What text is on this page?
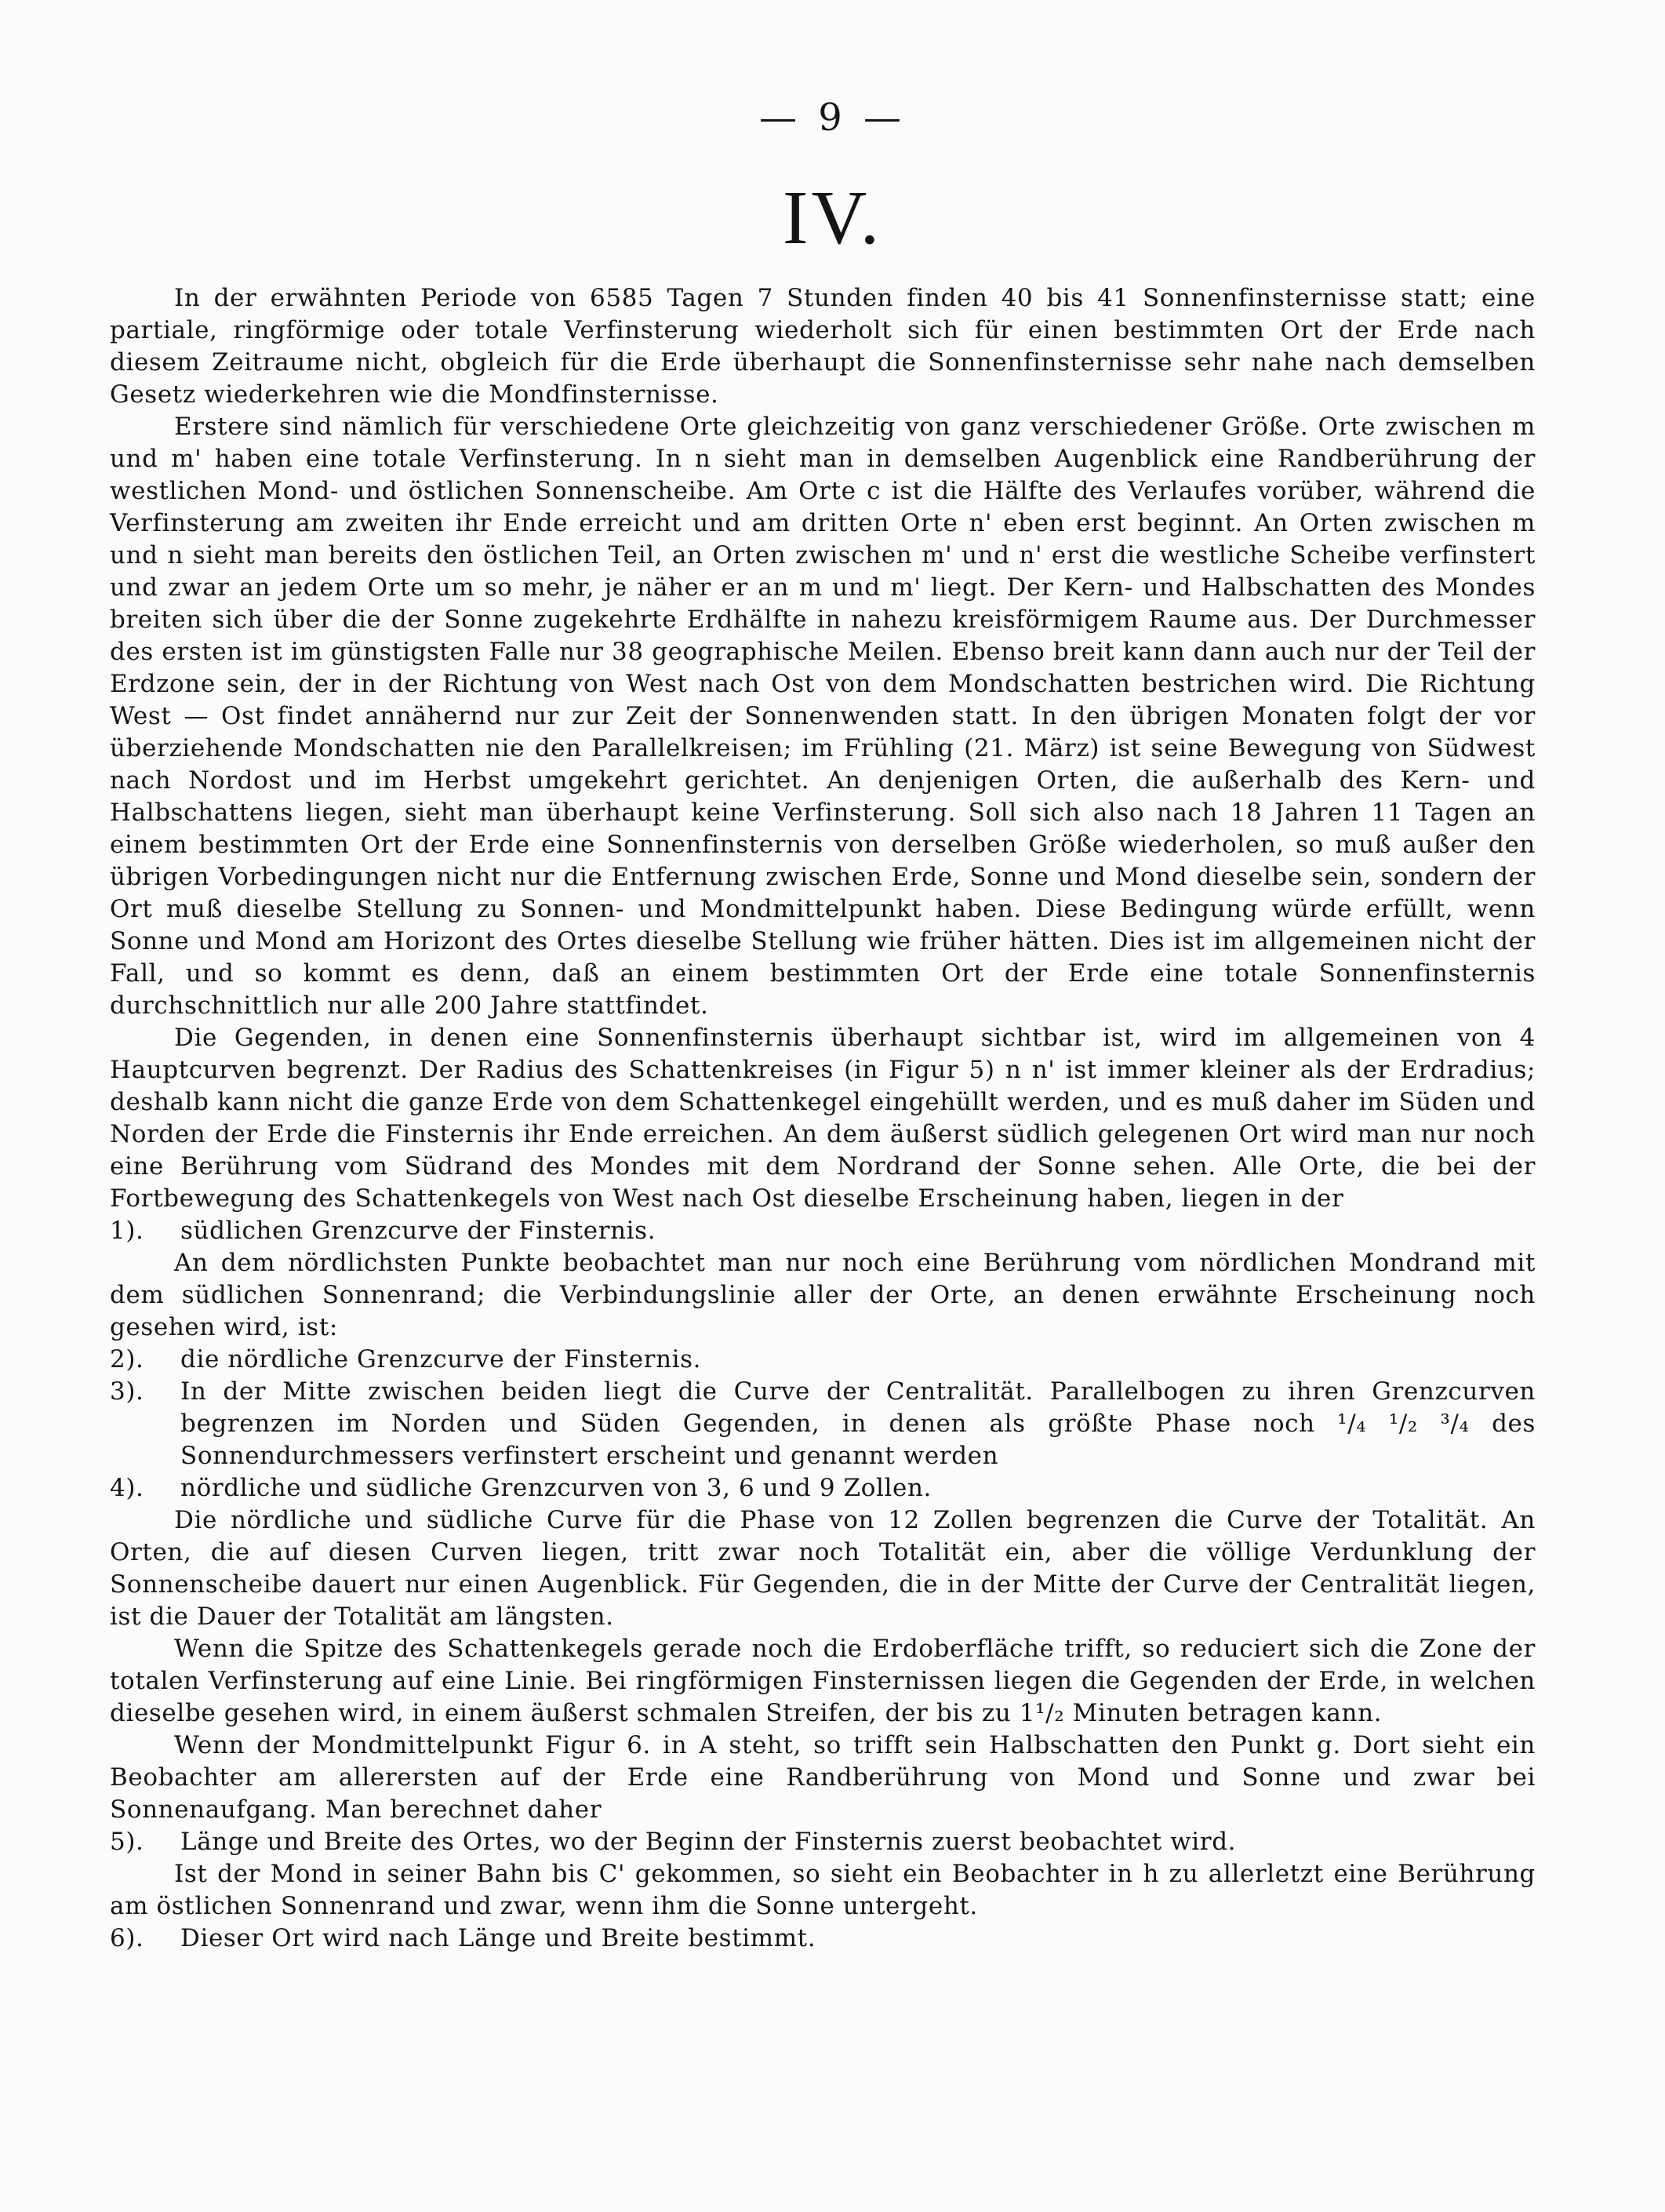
— 9 —
IV.

In der erwähnten Periode von 6585 Tagen 7 Stunden finden 40 bis 41 Sonnenfinsternisse statt; eine partiale, ringförmige oder totale Verfinsterung wiederholt sich für einen bestimmten Ort der Erde nach diesem Zeitraume nicht, obgleich für die Erde überhaupt die Sonnenfinsternisse sehr nahe nach demselben Gesetz wiederkehren wie die Mondfinsternisse.

Erstere sind nämlich für verschiedene Orte gleichzeitig von ganz verschiedener Größe. Orte zwischen m und m' haben eine totale Verfinsterung. In n sieht man in demselben Augenblick eine Randberührung der westlichen Mond- und östlichen Sonnenscheibe. Am Orte c ist die Hälfte des Verlaufes vorüber, während die Verfinsterung am zweiten ihr Ende erreicht und am dritten Orte n' eben erst beginnt. An Orten zwischen m und n sieht man bereits den östlichen Teil, an Orten zwischen m' und n' erst die westliche Scheibe verfinstert und zwar an jedem Orte um so mehr, je näher er an m und m' liegt. Der Kern- und Halbschatten des Mondes breiten sich über die der Sonne zugekehrte Erdhälfte in nahezu kreisförmigem Raume aus. Der Durchmesser des ersten ist im günstigsten Falle nur 38 geographische Meilen. Ebenso breit kann dann auch nur der Teil der Erdzone sein, der in der Richtung von West nach Ost von dem Mondschatten bestrichen wird. Die Richtung West — Ost findet annähernd nur zur Zeit der Sonnenwenden statt. In den übrigen Monaten folgt der vor überziehende Mondschatten nie den Parallelkreisen; im Frühling (21. März) ist seine Bewegung von Südwest nach Nordost und im Herbst umgekehrt gerichtet. An denjenigen Orten, die außerhalb des Kern- und Halbschattens liegen, sieht man überhaupt keine Verfinsterung. Soll sich also nach 18 Jahren 11 Tagen an einem bestimmten Ort der Erde eine Sonnenfinsternis von derselben Größe wiederholen, so muß außer den übrigen Vorbedingungen nicht nur die Entfernung zwischen Erde, Sonne und Mond dieselbe sein, sondern der Ort muß dieselbe Stellung zu Sonnen- und Mondmittelpunkt haben. Diese Bedingung würde erfüllt, wenn Sonne und Mond am Horizont des Ortes dieselbe Stellung wie früher hätten. Dies ist im allgemeinen nicht der Fall, und so kommt es denn, daß an einem bestimmten Ort der Erde eine totale Sonnenfinsternis durchschnittlich nur alle 200 Jahre stattfindet.

Die Gegenden, in denen eine Sonnenfinsternis überhaupt sichtbar ist, wird im allgemeinen von 4 Hauptcurven begrenzt. Der Radius des Schattenkreises (in Figur 5) n n' ist immer kleiner als der Erdradius; deshalb kann nicht die ganze Erde von dem Schattenkegel eingehüllt werden, und es muß daher im Süden und Norden der Erde die Finsternis ihr Ende erreichen. An dem äußerst südlich gelegenen Ort wird man nur noch eine Berührung vom Südrand des Mondes mit dem Nordrand der Sonne sehen. Alle Orte, die bei der Fortbewegung des Schattenkegels von West nach Ost dieselbe Erscheinung haben, liegen in der

1).	südlichen Grenzcurve der Finsternis.

An dem nördlichsten Punkte beobachtet man nur noch eine Berührung vom nördlichen Mondrand mit dem südlichen Sonnenrand; die Verbindungslinie aller der Orte, an denen erwähnte Erscheinung noch gesehen wird, ist:

2).	die nördliche Grenzcurve der Finsternis.
3).	In der Mitte zwischen beiden liegt die Curve der Centralität. Parallelbogen zu ihren Grenzcurven begrenzen im Norden und Süden Gegenden, in denen als größte Phase noch ¹/₄ ¹/₂ ³/₄ des Sonnendurchmessers verfinstert erscheint und genannt werden
4).	nördliche und südliche Grenzcurven von 3, 6 und 9 Zollen.

Die nördliche und südliche Curve für die Phase von 12 Zollen begrenzen die Curve der Totalität. An Orten, die auf diesen Curven liegen, tritt zwar noch Totalität ein, aber die völlige Verdunklung der Sonnenscheibe dauert nur einen Augenblick. Für Gegenden, die in der Mitte der Curve der Centralität liegen, ist die Dauer der Totalität am längsten.

Wenn die Spitze des Schattenkegels gerade noch die Erdoberfläche trifft, so reduciert sich die Zone der totalen Verfinsterung auf eine Linie. Bei ringförmigen Finsternissen liegen die Gegenden der Erde, in welchen dieselbe gesehen wird, in einem äußerst schmalen Streifen, der bis zu 1¹/₂ Minuten betragen kann.

Wenn der Mondmittelpunkt Figur 6. in A steht, so trifft sein Halbschatten den Punkt g. Dort sieht ein Beobachter am allerersten auf der Erde eine Randberührung von Mond und Sonne und zwar bei Sonnenaufgang. Man berechnet daher

5).	Länge und Breite des Ortes, wo der Beginn der Finsternis zuerst beobachtet wird.

Ist der Mond in seiner Bahn bis C' gekommen, so sieht ein Beobachter in h zu allerletzt eine Berührung am östlichen Sonnenrand und zwar, wenn ihm die Sonne untergeht.

6).	Dieser Ort wird nach Länge und Breite bestimmt.
